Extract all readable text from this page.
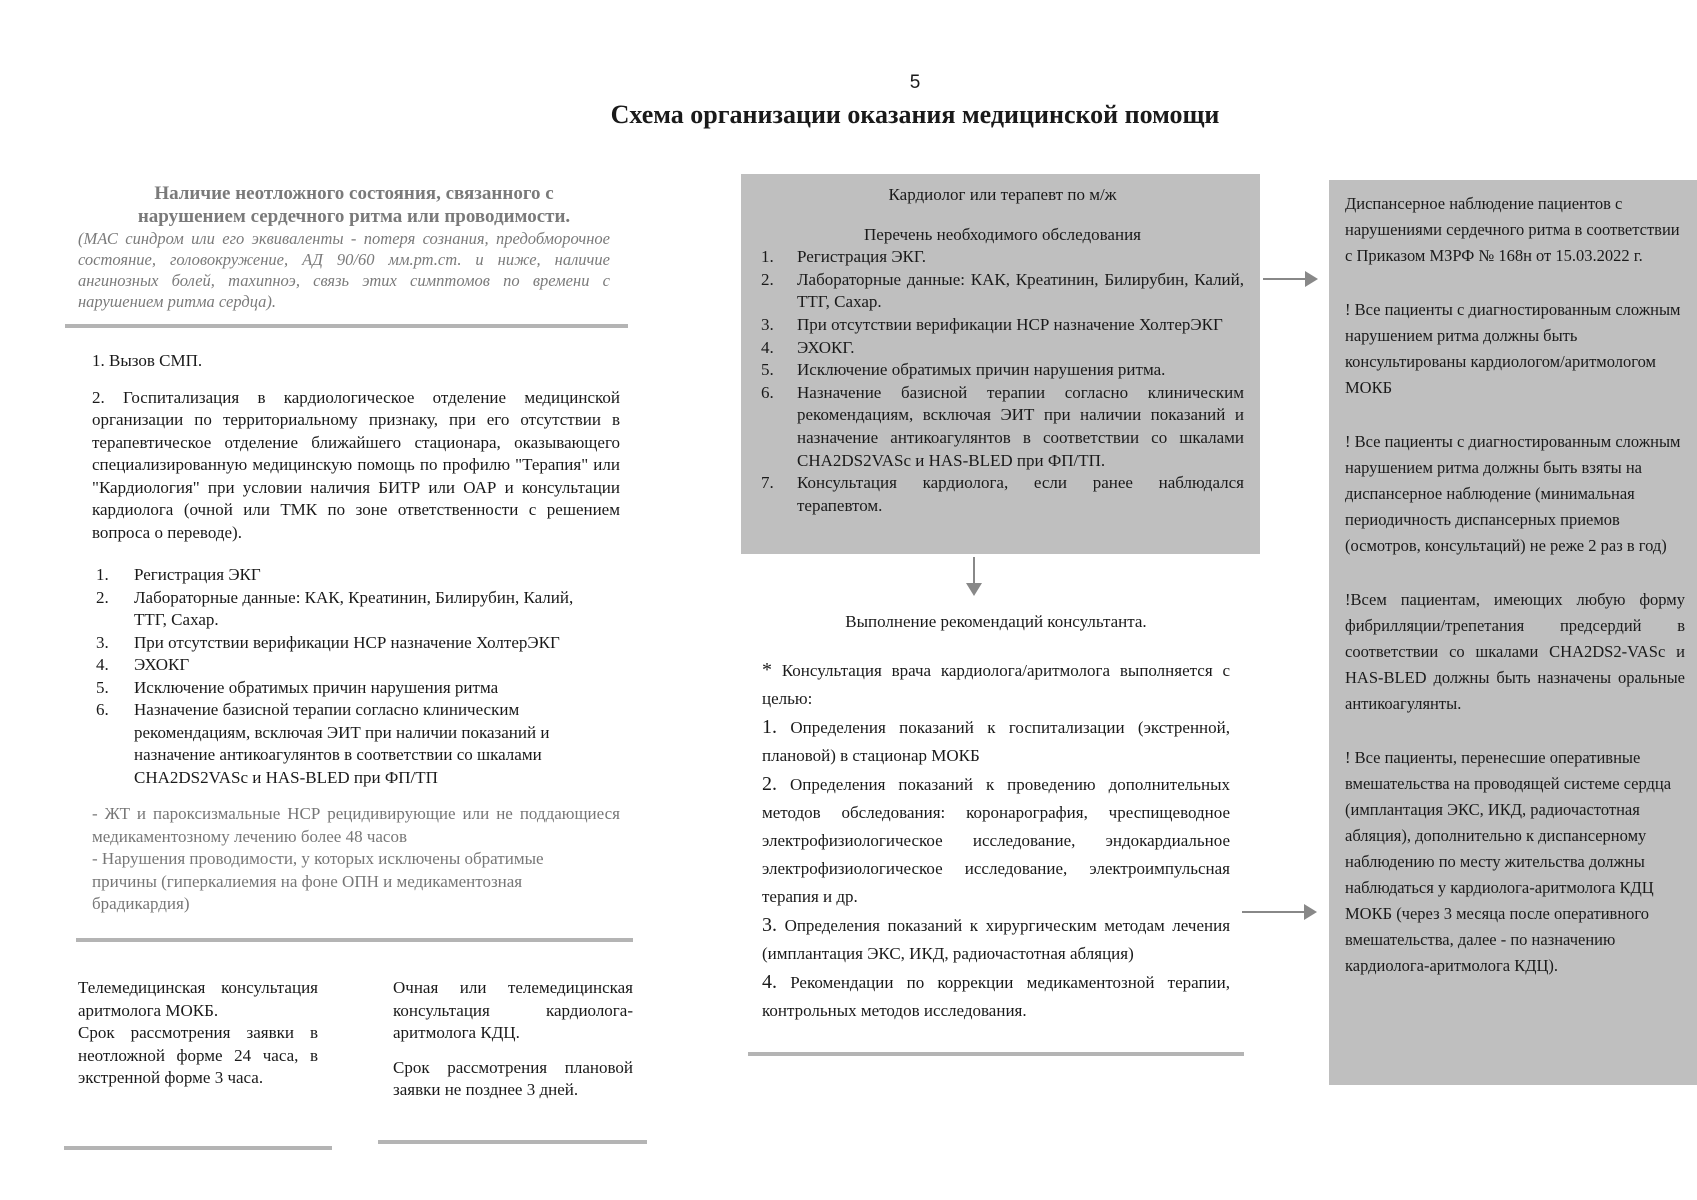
5
Схема организации оказания медицинской помощи
Наличие неотложного состояния, связанного с
нарушением сердечного ритма или проводимости.
(МАС синдром или его эквиваленты - потеря сознания, предобморочное состояние, головокружение, АД 90/60 мм.рт.ст. и ниже, наличие ангинозных болей, тахипноэ, связь этих симптомов по времени с нарушением ритма сердца).
1. Вызов СМП.
2. Госпитализация в кардиологическое отделение медицинской организации по территориальному признаку, при его отсутствии в терапевтическое отделение ближайшего стационара, оказывающего специализированную медицинскую помощь по профилю "Терапия" или "Кардиология" при условии наличия БИТР или ОАР и консультации кардиолога (очной или ТМК по зоне ответственности с решением вопроса о переводе).
1.	Регистрация ЭКГ
2.	Лабораторные данные: КАК, Креатинин, Билирубин, Калий, ТТГ, Сахар.
3.	При отсутствии верификации НСР назначение ХолтерЭКГ
4.	ЭХОКГ
5.	Исключение обратимых причин нарушения ритма
6.	Назначение базисной терапии согласно клиническим рекомендациям, всключая ЭИТ при наличии показаний и назначение антикоагулянтов в соответствии со шкалами CHA2DS2VASc и HAS-BLED при ФП/ТП
- ЖТ и пароксизмальные НСР рецидивирующие или не поддающиеся медикаментозному лечению более 48 часов
- Нарушения проводимости, у которых исключены обратимые причины (гиперкалиемия на фоне ОПН и медикаментозная брадикардия)
Телемедицинская консультация аритмолога МОКБ.
Срок рассмотрения заявки в неотложной форме 24 часа, в экстренной форме 3 часа.
Очная или телемедицинская консультация кардиолога-аритмолога КДЦ.
Срок рассмотрения плановой заявки не позднее 3 дней.
Кардиолог или терапевт по м/ж
Перечень необходимого обследования
1.	Регистрация ЭКГ.
2.	Лабораторные данные: КАК, Креатинин, Билирубин, Калий, ТТГ, Сахар.
3.	При отсутствии верификации НСР назначение ХолтерЭКГ
4.	ЭХОКГ.
5.	Исключение обратимых причин нарушения ритма.
6.	Назначение базисной терапии согласно клиническим рекомендациям, всключая ЭИТ при наличии показаний и назначение антикоагулянтов в соответствии со шкалами CHA2DS2VASc и HAS-BLED при ФП/ТП.
7.	Консультация кардиолога, если ранее наблюдался терапевтом.
Выполнение рекомендаций консультанта.
* Консультация врача кардиолога/аритмолога выполняется с целью:
1. Определения показаний к госпитализации (экстренной, плановой) в стационар МОКБ
2. Определения показаний к проведению дополнительных методов обследования: коронарография, чреспищеводное электрофизиологическое исследование, эндокардиальное электрофизиологическое исследование, электроимпульсная терапия и др.
3. Определения показаний к хирургическим методам лечения (имплантация ЭКС, ИКД, радиочастотная абляция)
4. Рекомендации по коррекции медикаментозной терапии, контрольных методов исследования.

Диспансерное наблюдение пациентов с нарушениями сердечного ритма в соответствии с Приказом МЗРФ № 168н от 15.03.2022 г.

! Все пациенты с диагностированным сложным нарушением ритма должны быть консультированы кардиологом/аритмологом МОКБ

! Все пациенты с диагностированным сложным нарушением ритма должны быть взяты на диспансерное наблюдение (минимальная периодичность диспансерных приемов (осмотров, консультаций) не реже 2 раз в год)

!Всем пациентам, имеющих любую форму фибрилляции/трепетания предсердий в соответствии со шкалами CHA2DS2-VASc и HAS-BLED должны быть назначены оральные антикоагулянты.

! Все пациенты, перенесшие оперативные вмешательства на проводящей системе сердца (имплантация ЭКС, ИКД, радиочастотная абляция), дополнительно к диспансерному наблюдению по месту жительства должны наблюдаться у кардиолога-аритмолога КДЦ МОКБ (через 3 месяца после оперативного вмешательства, далее - по назначению кардиолога-аритмолога КДЦ).
